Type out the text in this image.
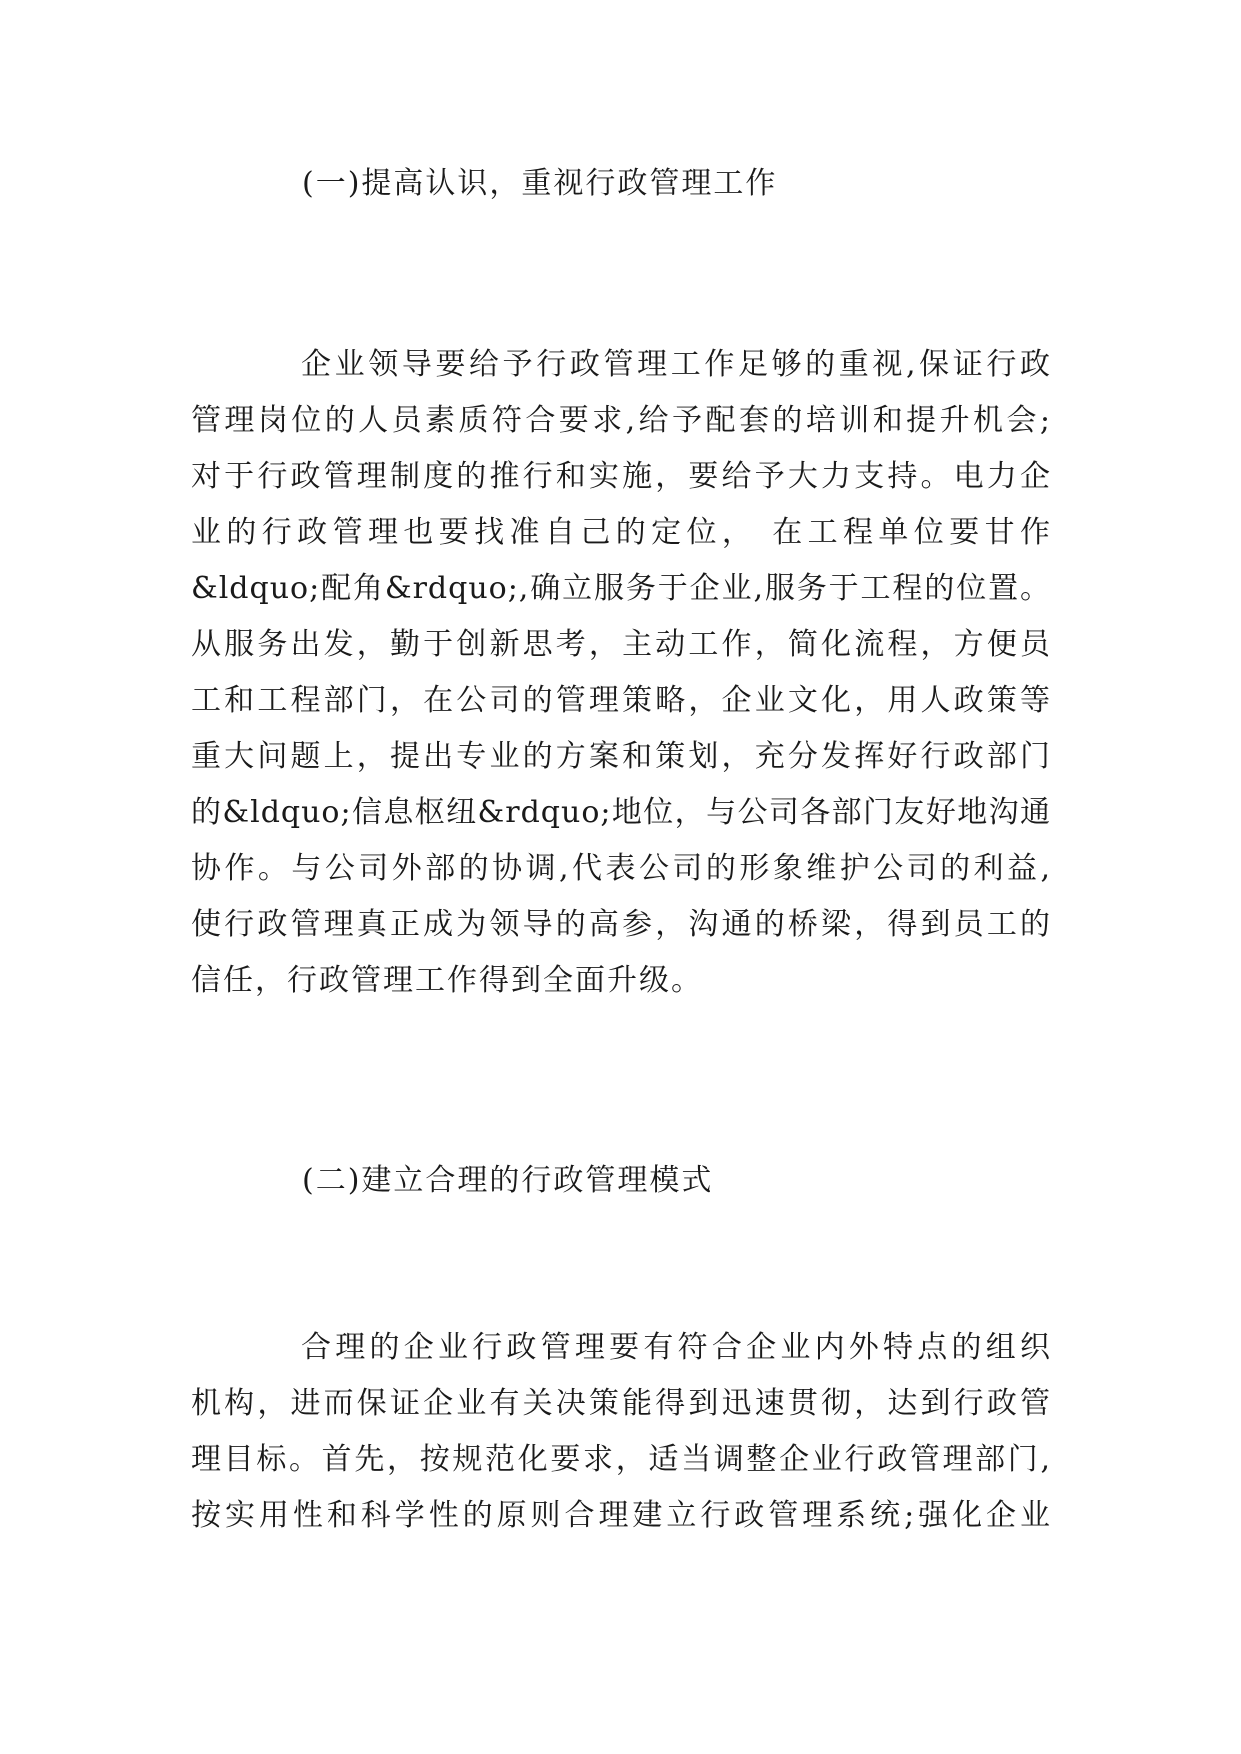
(一)提高认识，重视行政管理工作
企业领导要给予行政管理工作足够的重视,保证行政
管理岗位的人员素质符合要求,给予配套的培训和提升机会;
对于行政管理制度的推行和实施，要给予大力支持。电力企
业的行政管理也要找准自己的定位， 在工程单位要甘作
&ldquo;配角&rdquo;,确立服务于企业,服务于工程的位置。
从服务出发，勤于创新思考，主动工作，简化流程，方便员
工和工程部门，在公司的管理策略，企业文化，用人政策等
重大问题上，提出专业的方案和策划，充分发挥好行政部门
的&ldquo;信息枢纽&rdquo;地位，与公司各部门友好地沟通
协作。与公司外部的协调,代表公司的形象维护公司的利益,
使行政管理真正成为领导的高参，沟通的桥梁，得到员工的
信任，行政管理工作得到全面升级。
(二)建立合理的行政管理模式
合理的企业行政管理要有符合企业内外特点的组织
机构，进而保证企业有关决策能得到迅速贯彻，达到行政管
理目标。首先，按规范化要求，适当调整企业行政管理部门,
按实用性和科学性的原则合理建立行政管理系统;强化企业
